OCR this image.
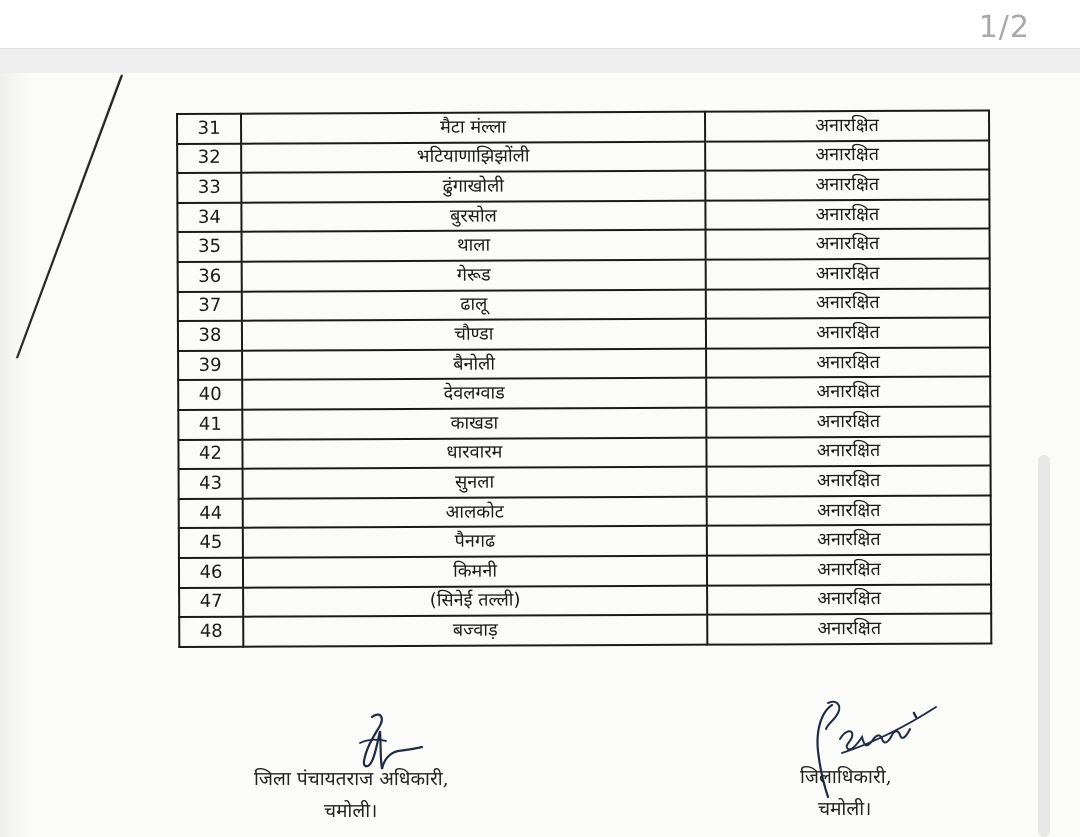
1/2
31	मैटा मंल्ला	अनारक्षित
32	भटियाणाझिझोंली	अनारक्षित
33	ढुंगाखोली	अनारक्षित
34	बुरसोल	अनारक्षित
35	थाला	अनारक्षित
36	गेरूड	अनारक्षित
37	ढालू	अनारक्षित
38	चौण्डा	अनारक्षित
39	बैनोली	अनारक्षित
40	देवलग्वाड	अनारक्षित
41	काखडा	अनारक्षित
42	धारवारम	अनारक्षित
43	सुनला	अनारक्षित
44	आलकोट	अनारक्षित
45	पैनगढ	अनारक्षित
46	किमनी	अनारक्षित
47	(सिनेई तल्ली)	अनारक्षित
48	बज्वाड़	अनारक्षित
जिला पंचायतराज अधिकारी,
चमोली।
जिलाधिकारी,
चमोली।
